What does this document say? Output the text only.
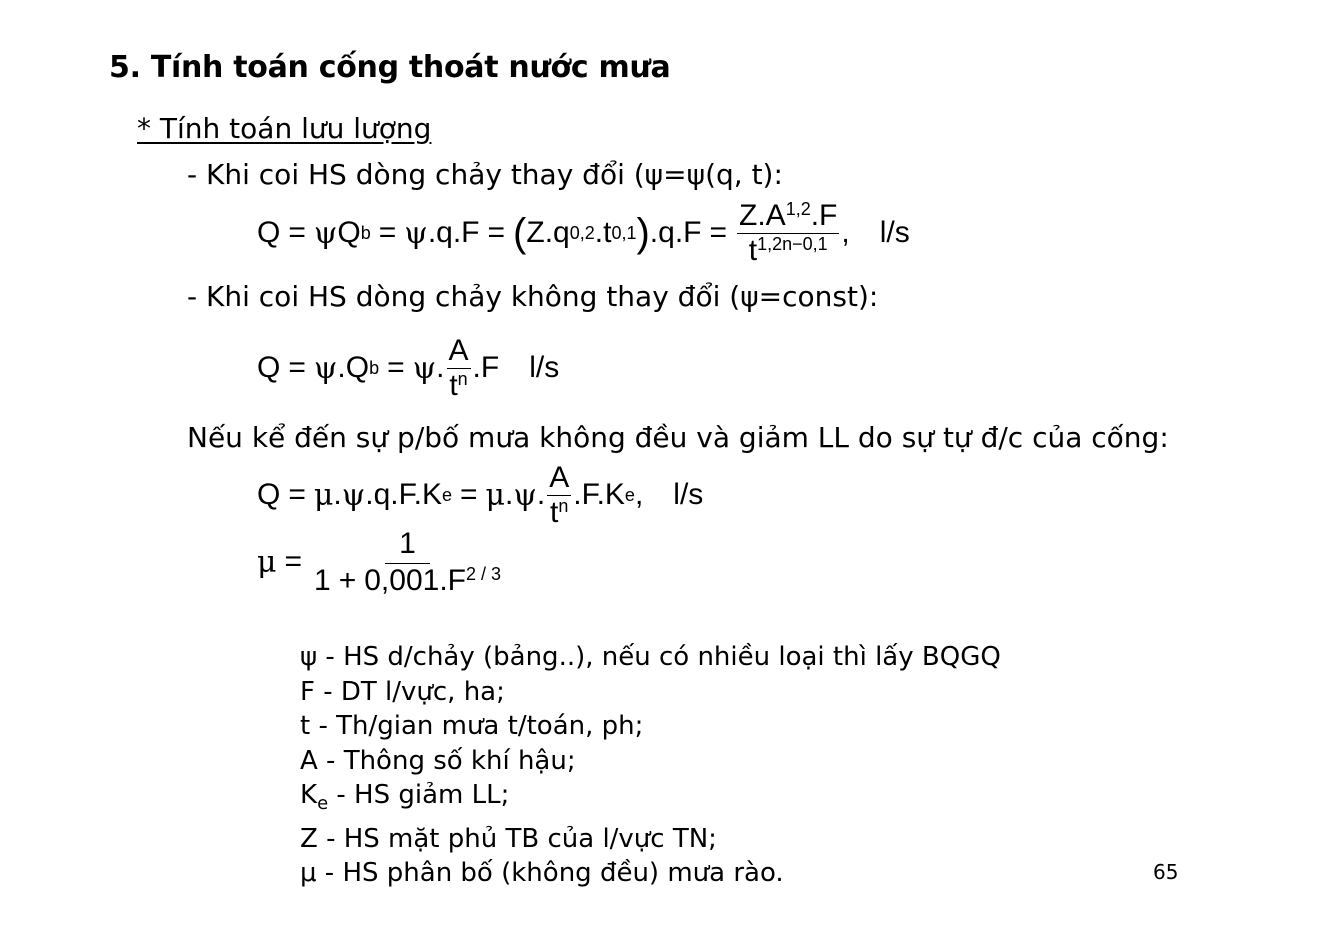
5. Tính toán cống thoát nước mưa
* Tính toán lưu lượng
- Khi coi HS dòng chảy thay đổi (ψ=ψ(q, t):
Q = ψ Q b = ψ .q.F = ( Z.q 0,2 .t 0,1 ) $.q.F = \frac{Z.A^{1,2}.F}{t^{1,2n-0,1}}$ , l/s
- Khi coi HS dòng chảy không thay đổi (ψ=const):
Q = ψ .Q b = ψ . $\frac{A}{t^n} .F$ l/s
Nếu kể đến sự p/bố mưa không đều và giảm LL do sự tự đ/c của cống:
Q = μ . ψ .q.F.K e = μ . ψ . $\frac{A}{t^n} .F.K$ e , l/s
$\mu = \frac{1}{1 + 0,001.F^{2 / 3}}$
ψ - HS d/chảy (bảng..), nếu có nhiều loại thì lấy BQGQ
F - DT l/vực, ha;
t - Th/gian mưa t/toán, ph;
A - Thông số khí hậu;
$K_e$ - HS giảm LL;
Z - HS mặt phủ TB của l/vực TN;
μ - HS phân bố (không đều) mưa rào.	65
